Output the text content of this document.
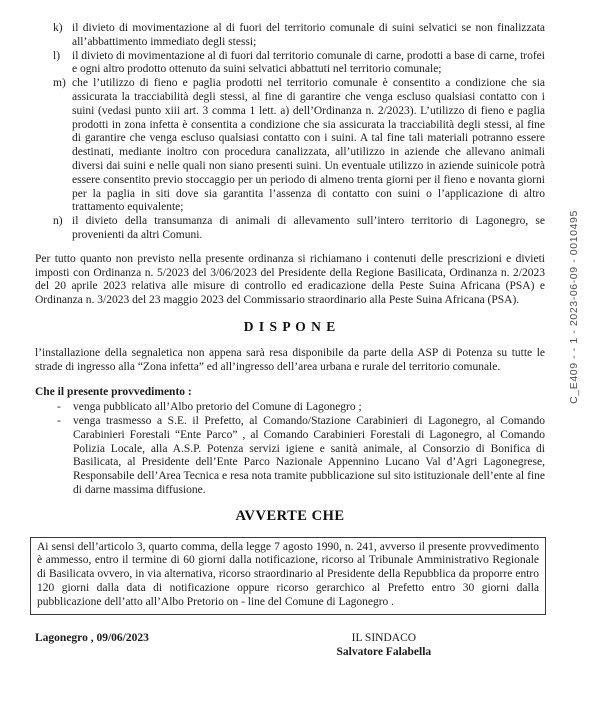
k) il divieto di movimentazione al di fuori del territorio comunale di suini selvatici se non finalizzata all’abbattimento immediato degli stessi;
l)	il divieto di movimentazione al di fuori dal territorio comunale di carne, prodotti a base di carne, trofei e ogni altro prodotto ottenuto da suini selvatici abbattuti nel territorio comunale;
m) che l’utilizzo di fieno e paglia prodotti nel territorio comunale è consentito a condizione che sia assicurata la tracciabilità degli stessi, al fine di garantire che venga escluso qualsiasi contatto con i suini (vedasi punto xiii art. 3 comma 1 lett. a) dell’Ordinanza n. 2/2023). L’utilizzo di fieno e paglia prodotti in zona infetta è consentita a condizione che sia assicurata la tracciabilità degli stessi, al fine di garantire che venga escluso qualsiasi contatto con i suini. A tal fine tali materiali potranno essere destinati, mediante inoltro con procedura canalizzata, all’utilizzo in aziende che allevano animali diversi dai suini e nelle quali non siano presenti suini. Un eventuale utilizzo in aziende suinicole potrà essere consentito previo stoccaggio per un periodo di almeno trenta giorni per il fieno e novanta giorni per la paglia in siti dove sia garantita l’assenza di contatto con suini o l’applicazione di altro trattamento equivalente;
n) il divieto della transumanza di animali di allevamento sull’intero territorio di Lagonegro, se provenienti da altri Comuni.

Per tutto quanto non previsto nella presente ordinanza si richiamano i contenuti delle prescrizioni e divieti imposti con Ordinanza n. 5/2023 del 3/06/2023 del Presidente della Regione Basilicata, Ordinanza n. 2/2023 del 20 aprile 2023 relativa alle misure di controllo ed eradicazione della Peste Suina Africana (PSA) e Ordinanza n. 3/2023 del 23 maggio 2023 del Commissario straordinario alla Peste Suina Africana (PSA).

D I S P O N E

l’installazione della segnaletica non appena sarà resa disponibile da parte della ASP di Potenza su tutte le strade di ingresso alla “Zona infetta” ed all’ingresso dell’area urbana e rurale del territorio comunale.

Che il presente provvedimento :

-	venga pubblicato all’Albo pretorio del Comune di Lagonegro ;
-	venga trasmesso a S.E. il Prefetto, al Comando/Stazione Carabinieri di Lagonegro, al Comando Carabinieri Forestali “Ente Parco” , al Comando Carabinieri Forestali di Lagonegro, al Comando Polizia Locale, alla A.S.P. Potenza servizi igiene e sanità animale, al Consorzio di Bonifica di Basilicata, al Presidente dell’Ente Parco Nazionale Appennino Lucano Val d’Agri Lagonegrese, Responsabile dell’Area Tecnica e resa nota tramite pubblicazione sul sito istituzionale dell’ente al fine di darne massima diffusione.
AVVERTE CHE

Ai sensi dell’articolo 3, quarto comma, della legge 7 agosto 1990, n. 241, avverso il presente provvedimento è ammesso, entro il termine di 60 giorni dalla notificazione, ricorso al Tribunale Amministrativo Regionale di Basilicata ovvero, in via alternativa, ricorso straordinario al Presidente della Repubblica da proporre entro 120 giorni dalla data di notificazione oppure ricorso gerarchico al Prefetto entro 30 giorni dalla pubblicazione dell’atto all’Albo Pretorio on - line del Comune di Lagonegro .

Lagonegro , 09/06/2023	IL SINDACO
Salvatore Falabella
C_E409 - - 1 - 2023-06-09 - 0010495
